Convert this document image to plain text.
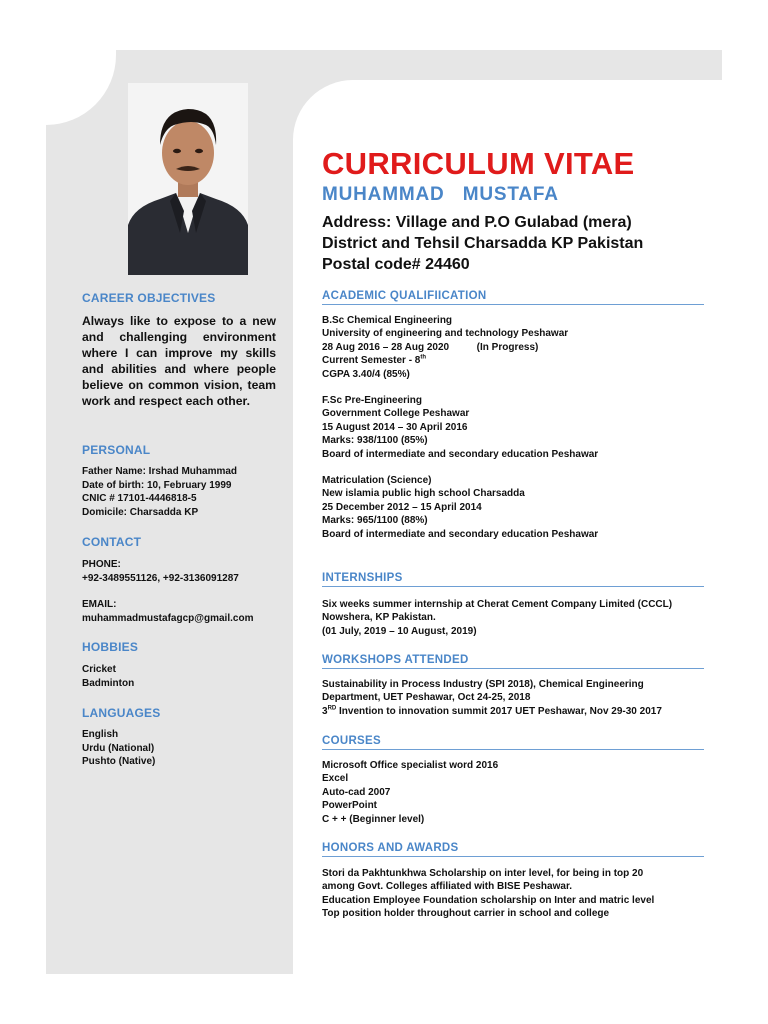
CAREER OBJECTIVES
Always like to expose to a new and challenging environment where I can improve my skills and abilities and where people believe on common vision, team work and respect each other.
PERSONAL
Father Name: Irshad Muhammad
Date of birth: 10, February 1999
CNIC # 17101-4446818-5
Domicile: Charsadda KP
CONTACT
PHONE:
+92-3489551126, +92-3136091287
EMAIL:
muhammadmustafagcp@gmail.com
HOBBIES
Cricket
Badminton
LANGUAGES
English
Urdu (National)
Pushto (Native)
CURRICULUM VITAE
MUHAMMAD   MUSTAFA
Address: Village and P.O Gulabad (mera)
District and Tehsil Charsadda KP Pakistan
Postal code# 24460
ACADEMIC QUALIFIICATION
B.Sc Chemical Engineering
University of engineering and technology Peshawar
28 Aug 2016 – 28 Aug 2020	(In Progress)
Current Semester - 8th
CGPA 3.40/4 (85%)
F.Sc Pre-Engineering
Government College Peshawar
15 August 2014 – 30 April 2016
Marks: 938/1100 (85%)
Board of intermediate and secondary education Peshawar
Matriculation (Science)
New islamia public high school Charsadda
25 December 2012 – 15 April 2014
Marks: 965/1100 (88%)
Board of intermediate and secondary education Peshawar
INTERNSHIPS
Six weeks summer internship at Cherat Cement Company Limited (CCCL)
Nowshera, KP Pakistan.
(01 July, 2019 – 10 August, 2019)
WORKSHOPS ATTENDED
Sustainability in Process Industry (SPI 2018), Chemical Engineering
Department, UET Peshawar, Oct 24-25, 2018
3RD Invention to innovation summit 2017 UET Peshawar, Nov 29-30 2017
COURSES
Microsoft Office specialist word 2016
Excel
Auto-cad 2007
PowerPoint
C + + (Beginner level)
HONORS AND AWARDS
Stori da Pakhtunkhwa Scholarship on inter level, for being in top 20
among Govt. Colleges affiliated with BISE Peshawar.
Education Employee Foundation scholarship on Inter and matric level
Top position holder throughout carrier in school and college
